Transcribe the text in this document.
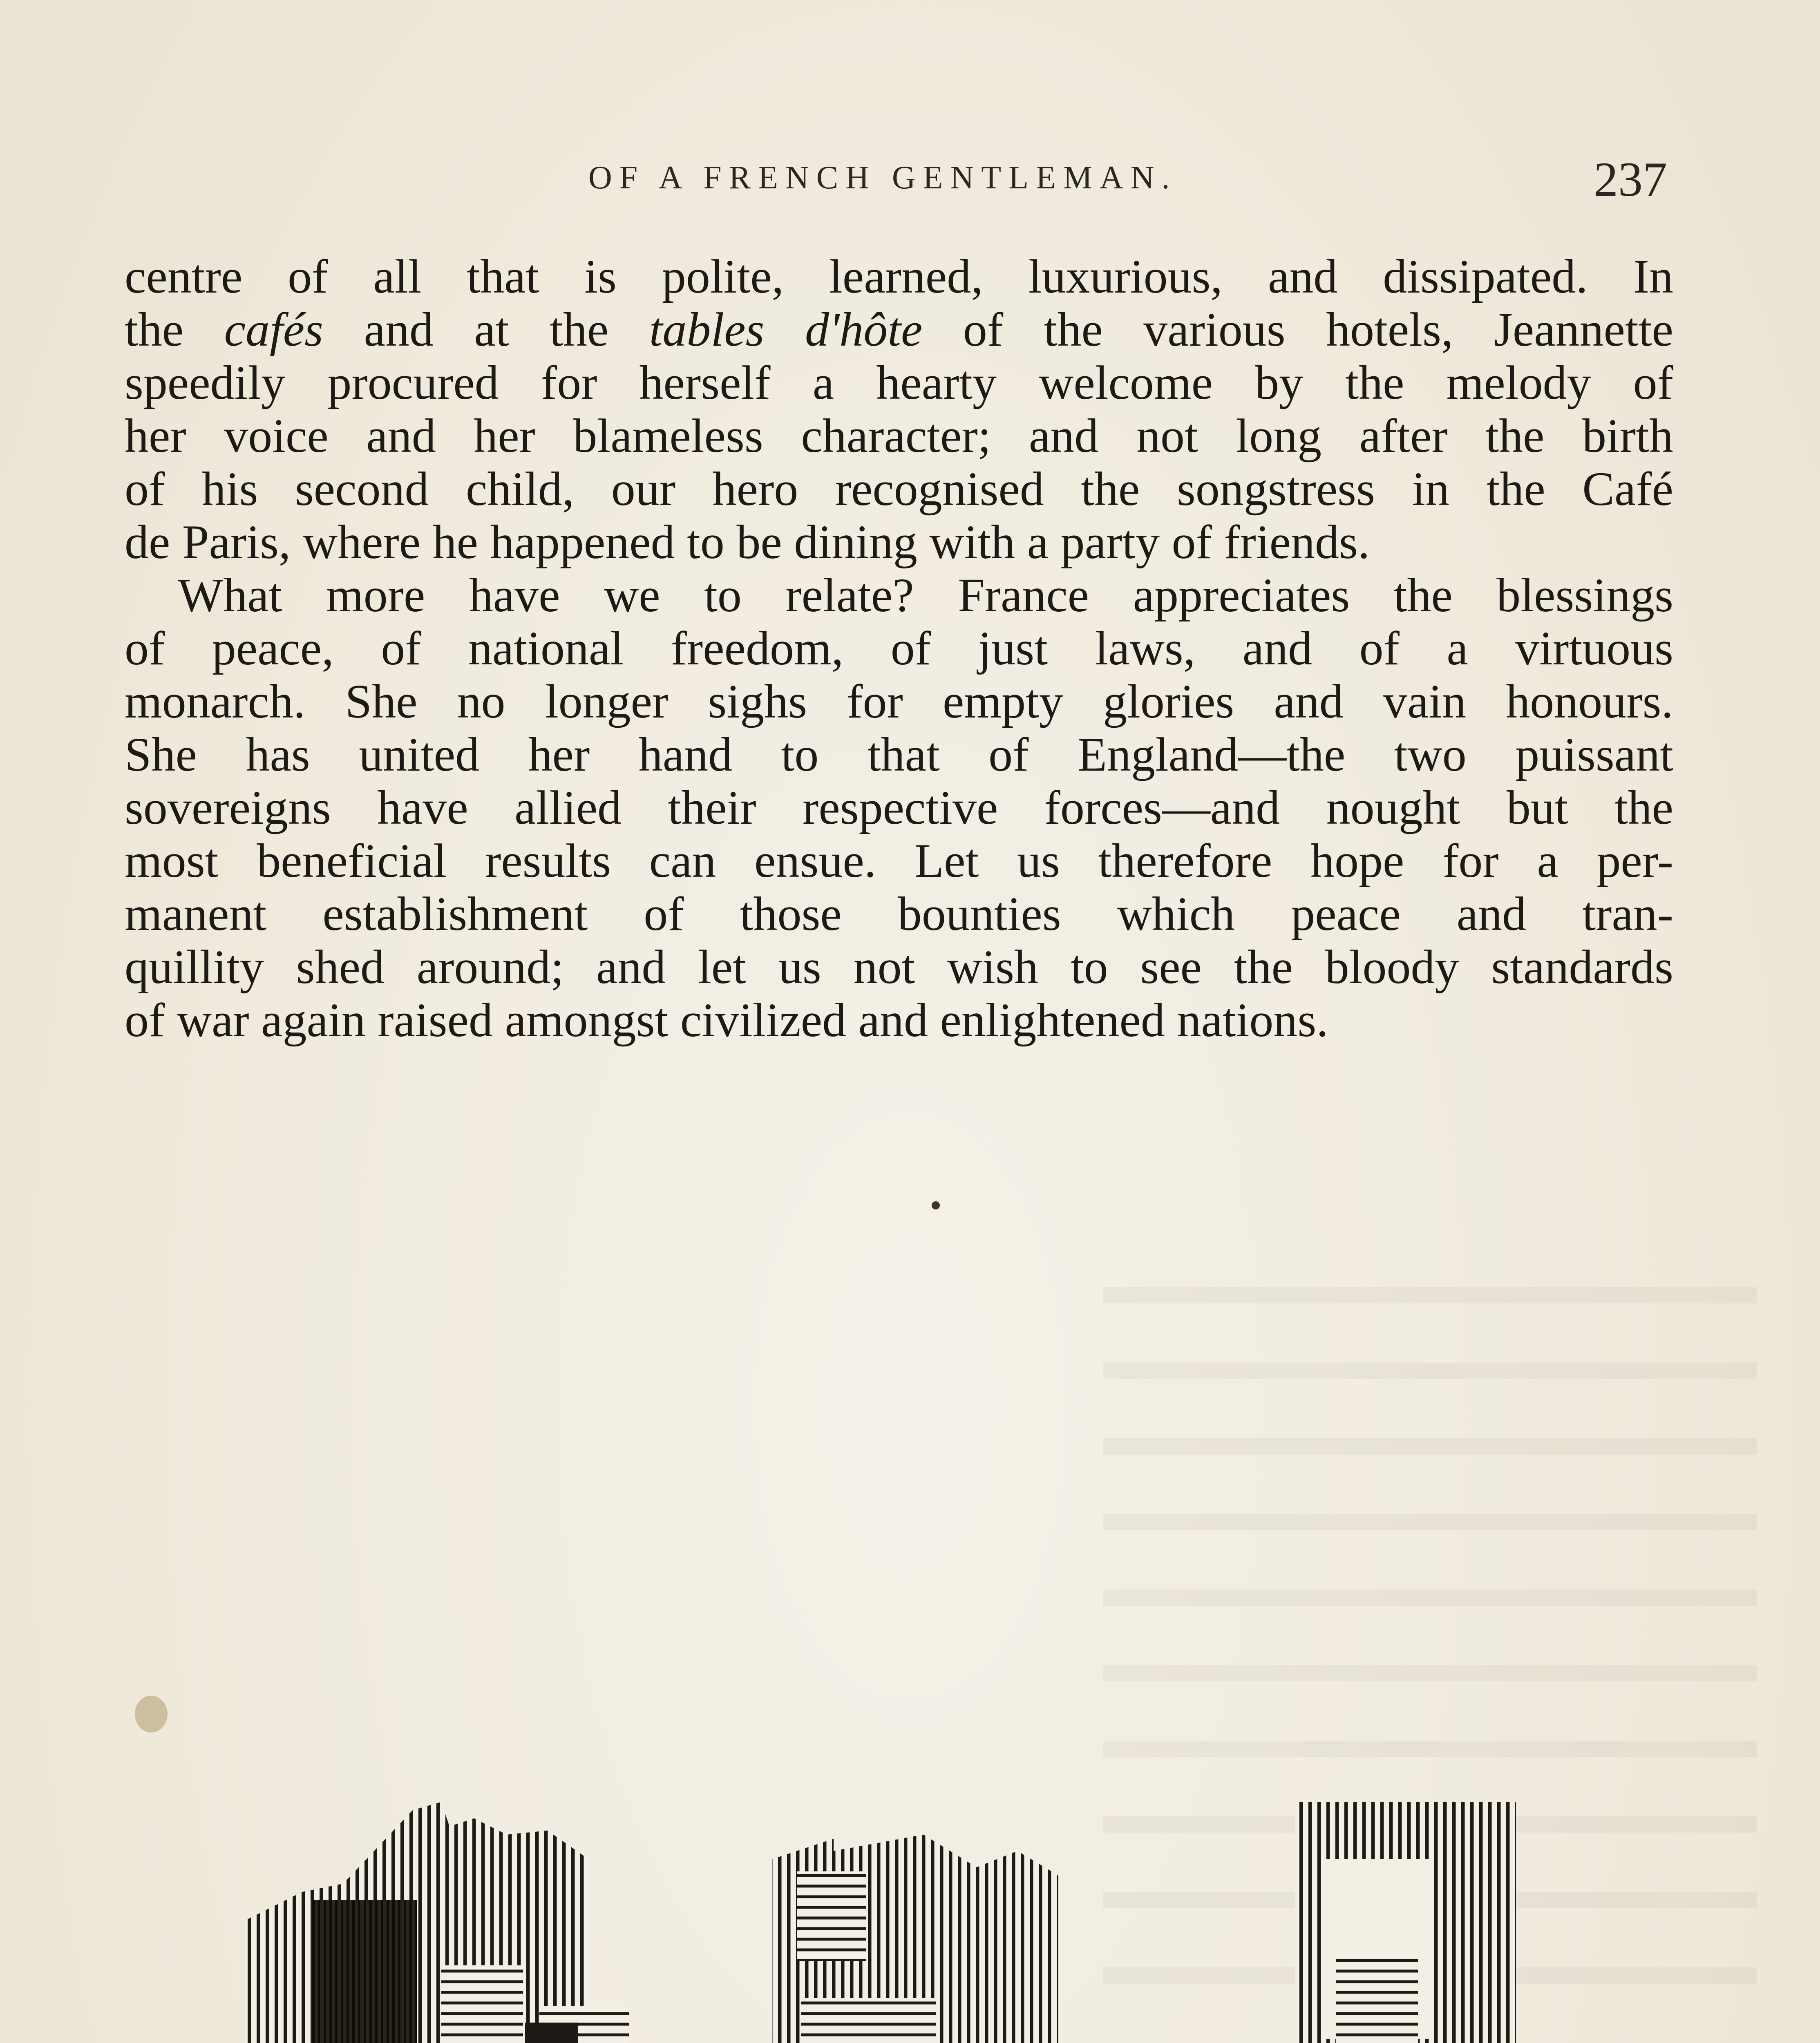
OF A FRENCH GENTLEMAN.	237
centre of all that is polite, learned, luxurious, and dissipated. In
the cafés and at the tables d'hôte of the various hotels, Jeannette
speedily procured for herself a hearty welcome by the melody of
her voice and her blameless character; and not long after the birth
of his second child, our hero recognised the songstress in the Café
de Paris, where he happened to be dining with a party of friends.
What more have we to relate? France appreciates the blessings
of peace, of national freedom, of just laws, and of a virtuous
monarch. She no longer sighs for empty glories and vain honours.
She has united her hand to that of England—the two puissant
sovereigns have allied their respective forces—and nought but the
most beneficial results can ensue. Let us therefore hope for a per-
manent establishment of those bounties which peace and tran-
quillity shed around; and let us not wish to see the bloody standards
of war again raised amongst civilized and enlightened nations.
